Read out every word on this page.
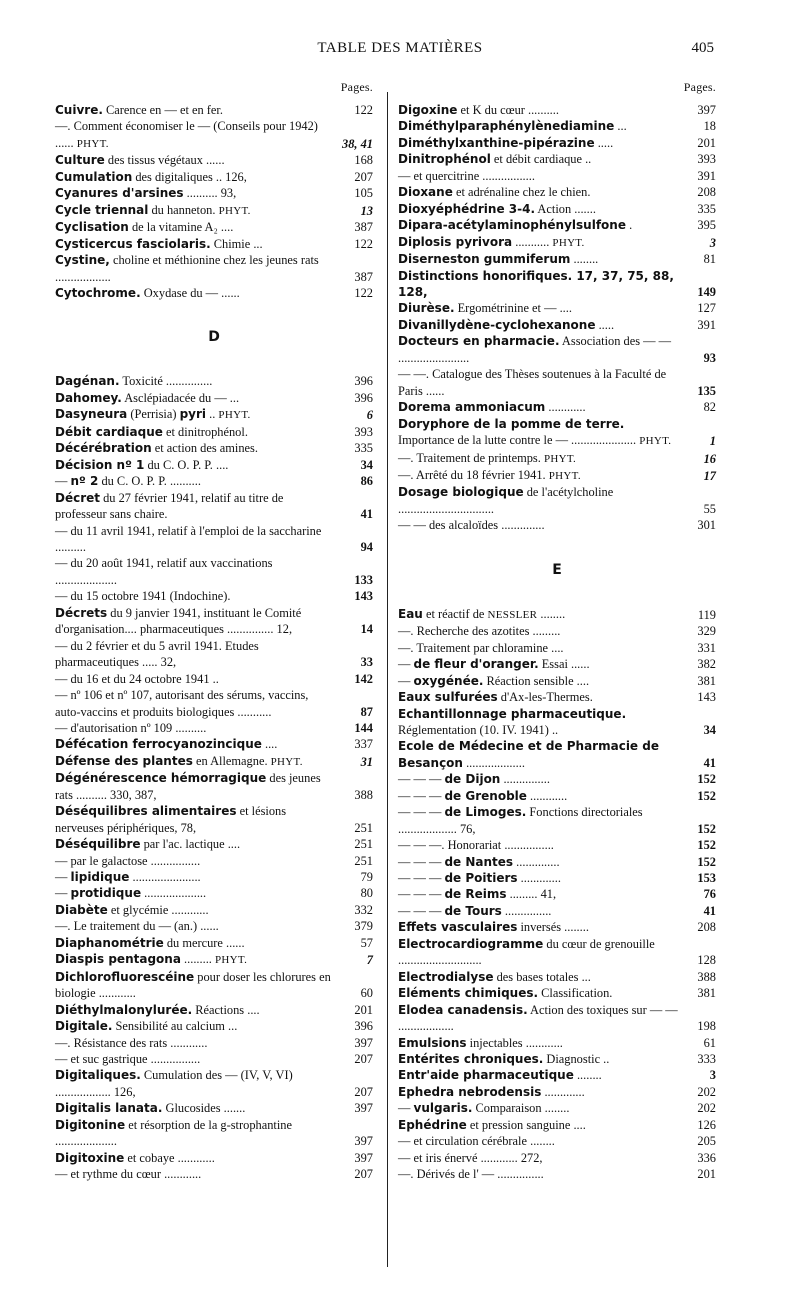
TABLE DES MATIÈRES	405
Pages.
Cuivre. Carence en — et en fer.	122
—. Comment économiser le — (Conseils pour 1942) ...... PHYT.	38, 41
Culture des tissus végétaux ......	168
Cumulation des digitaliques .. 126,	207
Cyanures d'arsines .......... 93,	105
Cycle triennal du hanneton. PHYT.	13
Cyclisation de la vitamine A₂ ....	387
Cysticercus fasciolaris. Chimie ...	122
Cystine, choline et méthionine chez les jeunes rats ..................	387
Cytochrome. Oxydase du — ......	122
D
Dagénan. Toxicité ...............	396
Dahomey. Asclépiadacée du — ...	396
Dasyneura (Perrisia) pyri .. PHYT.	6
Débit cardiaque et dinitrophénol.	393
Décérébration et action des amines.	335
Décision nº 1 du C. O. P. P. ....	34
— nº 2 du C. O. P. P. ..........	86
Décret du 27 février 1941, relatif au titre de professeur sans chaire.	41
— du 11 avril 1941, relatif à l'emploi de la saccharine ..........	94
— du 20 août 1941, relatif aux vaccinations ....................	133
— du 15 octobre 1941 (Indochine).	143
Décrets du 9 janvier 1941, instituant le Comité d'organisation.... pharmaceutiques ............... 12,	14
— du 2 février et du 5 avril 1941. Etudes pharmaceutiques ..... 32,	33
— du 16 et du 24 octobre 1941 ..	142
— nº 106 et nº 107, autorisant des sérums, vaccins, auto-vaccins et produits biologiques ...........	87
— d'autorisation nº 109 ..........	144
Défécation ferrocyanozincique ....	337
Défense des plantes en Allemagne. PHYT.	31
Dégénérescence hémorragique des jeunes rats .......... 330, 387,	388
Déséquilibres alimentaires et lésions nerveuses périphériques, 78,	251
Déséquilibre par l'ac. lactique ....	251
— par le galactose ................	251
— lipidique ......................	79
— protidique ....................	80
Diabète et glycémie ............	332
—. Le traitement du — (an.) ......	379
Diaphanométrie du mercure ......	57
Diaspis pentagona ......... PHYT.	7
Dichlorofluorescéine pour doser les chlorures en biologie ............	60
Diéthylmalonylurée. Réactions ....	201
Digitale. Sensibilité au calcium ...	396
—. Résistance des rats ............	397
— et suc gastrique ................	207
Digitaliques. Cumulation des — (IV, V, VI) .................. 126,	207
Digitalis lanata. Glucosides .......	397
Digitonine et résorption de la g-strophantine ....................	397
Digitoxine et cobaye ............	397
— et rythme du cœur ............	207
Pages.
Digoxine et K du cœur ..........	397
Diméthylparaphénylènediamine ...	18
Diméthylxanthine-pipérazine .....	201
Dinitrophénol et débit cardiaque ..	393
— et quercitrine .................	391
Dioxane et adrénaline chez le chien.	208
Dioxyéphédrine 3-4. Action .......	335
Dipara-acétylaminophénylsulfone .	395
Diplosis pyrivora ........... PHYT.	3
Diserneston gummiferum ........	81
Distinctions honorifiques. 17, 37, 75, 88, 128,	149
Diurèse. Ergométrinine et — ....	127
Divanillydène-cyclohexanone .....	391
Docteurs en pharmacie. Association des — — .......................	93
— —. Catalogue des Thèses soutenues à la Faculté de Paris ......	135
Dorema ammoniacum ............	82
Doryphore de la pomme de terre. Importance de la lutte contre le — ..................... PHYT.	1
—. Traitement de printemps. PHYT.	16
—. Arrêté du 18 février 1941. PHYT.	17
Dosage biologique de l'acétylcholine ...............................	55
— — des alcaloïdes ..............	301
E
Eau et réactif de NESSLER ........	119
—. Recherche des azotites .........	329
—. Traitement par chloramine ....	331
— de fleur d'oranger. Essai ......	382
— oxygénée. Réaction sensible ....	381
Eaux sulfurées d'Ax-les-Thermes.	143
Echantillonnage pharmaceutique. Réglementation (10. IV. 1941) ..	34
Ecole de Médecine et de Pharmacie de Besançon ...................	41
— — — de Dijon ...............	152
— — — de Grenoble ............	152
— — — de Limoges. Fonctions directoriales ................... 76,	152
— — —. Honorariat ................	152
— — — de Nantes ..............	152
— — — de Poitiers .............	153
— — — de Reims ......... 41,	76
— — — de Tours ...............	41
Effets vasculaires inversés ........	208
Electrocardiogramme du cœur de grenouille ...........................	128
Electrodialyse des bases totales ...	388
Eléments chimiques. Classification.	381
Elodea canadensis. Action des toxiques sur — — ..................	198
Emulsions injectables ............	61
Entérites chroniques. Diagnostic ..	333
Entr'aide pharmaceutique ........	3
Ephedra nebrodensis .............	202
— vulgaris. Comparaison ........	202
Ephédrine et pression sanguine ....	126
— et circulation cérébrale ........	205
— et iris énervé ............ 272,	336
—. Dérivés de l' — ...............	201
